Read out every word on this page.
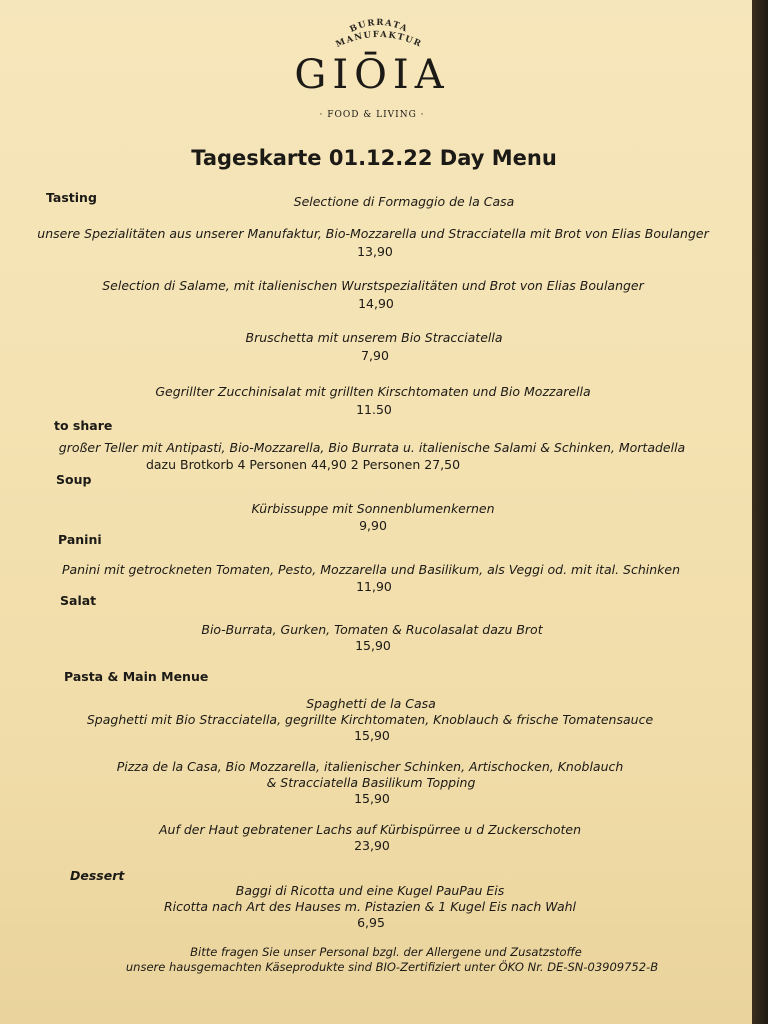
BURRATA
MANUFAKTUR
GIŌIA
· FOOD & LIVING ·
Tageskarte 01.12.22 Day Menu
Tasting	Selectione di Formaggio de la Casa
unsere Spezialitäten aus unserer Manufaktur, Bio-Mozzarella und Stracciatella mit Brot von Elias Boulanger
13,90
Selection di Salame, mit italienischen Wurstspezialitäten und Brot von Elias Boulanger
14,90
Bruschetta mit unserem Bio Stracciatella
7,90
Gegrillter Zucchinisalat mit grillten Kirschtomaten und Bio Mozzarella
11.50
to share
großer Teller mit Antipasti, Bio-Mozzarella, Bio Burrata u. italienische Salami & Schinken, Mortadella
dazu Brotkorb 4 Personen 44,90 2 Personen 27,50
Soup
Kürbissuppe mit Sonnenblumenkernen
9,90
Panini
Panini mit getrockneten Tomaten, Pesto, Mozzarella und Basilikum, als Veggi od. mit ital. Schinken
11,90
Salat
Bio-Burrata, Gurken, Tomaten & Rucolasalat dazu Brot
15,90
Pasta & Main Menue
Spaghetti de la Casa
Spaghetti mit Bio Stracciatella, gegrillte Kirchtomaten, Knoblauch & frische Tomatensauce
15,90
Pizza de la Casa, Bio Mozzarella, italienischer Schinken, Artischocken, Knoblauch
& Stracciatella Basilikum Topping
15,90
Auf der Haut gebratener Lachs auf Kürbispürree u d Zuckerschoten
23,90
Dessert
Baggi di Ricotta und eine Kugel PauPau Eis
Ricotta nach Art des Hauses m. Pistazien & 1 Kugel Eis nach Wahl
6,95
Bitte fragen Sie unser Personal bzgl. der Allergene und Zusatzstoffe
unsere hausgemachten Käseprodukte sind BIO-Zertifiziert unter ÖKO Nr. DE-SN-03909752-B
